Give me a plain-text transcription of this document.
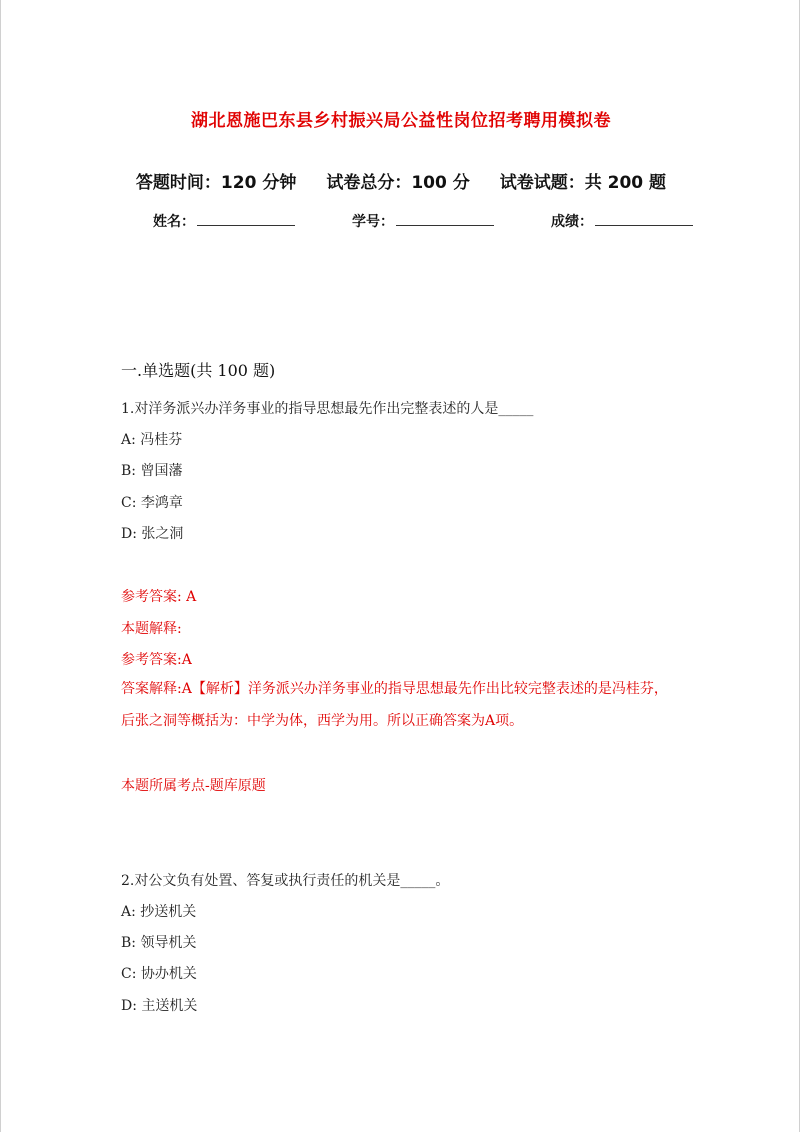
湖北恩施巴东县乡村振兴局公益性岗位招考聘用模拟卷
答题时间：120 分钟 试卷总分：100 分 试卷试题：共 200 题
姓名：	学号：	成绩：
一.单选题(共 100 题)
1.对洋务派兴办洋务事业的指导思想最先作出完整表述的人是_____
A: 冯桂芬
B: 曾国藩
C: 李鸿章
D: 张之洞
参考答案: A
本题解释:
参考答案:A
答案解释:A【解析】洋务派兴办洋务事业的指导思想最先作出比较完整表述的是冯桂芬，后张之洞等概括为：中学为体，西学为用。所以正确答案为A项。
本题所属考点-题库原题
2.对公文负有处置、答复或执行责任的机关是_____。
A: 抄送机关
B: 领导机关
C: 协办机关
D: 主送机关
